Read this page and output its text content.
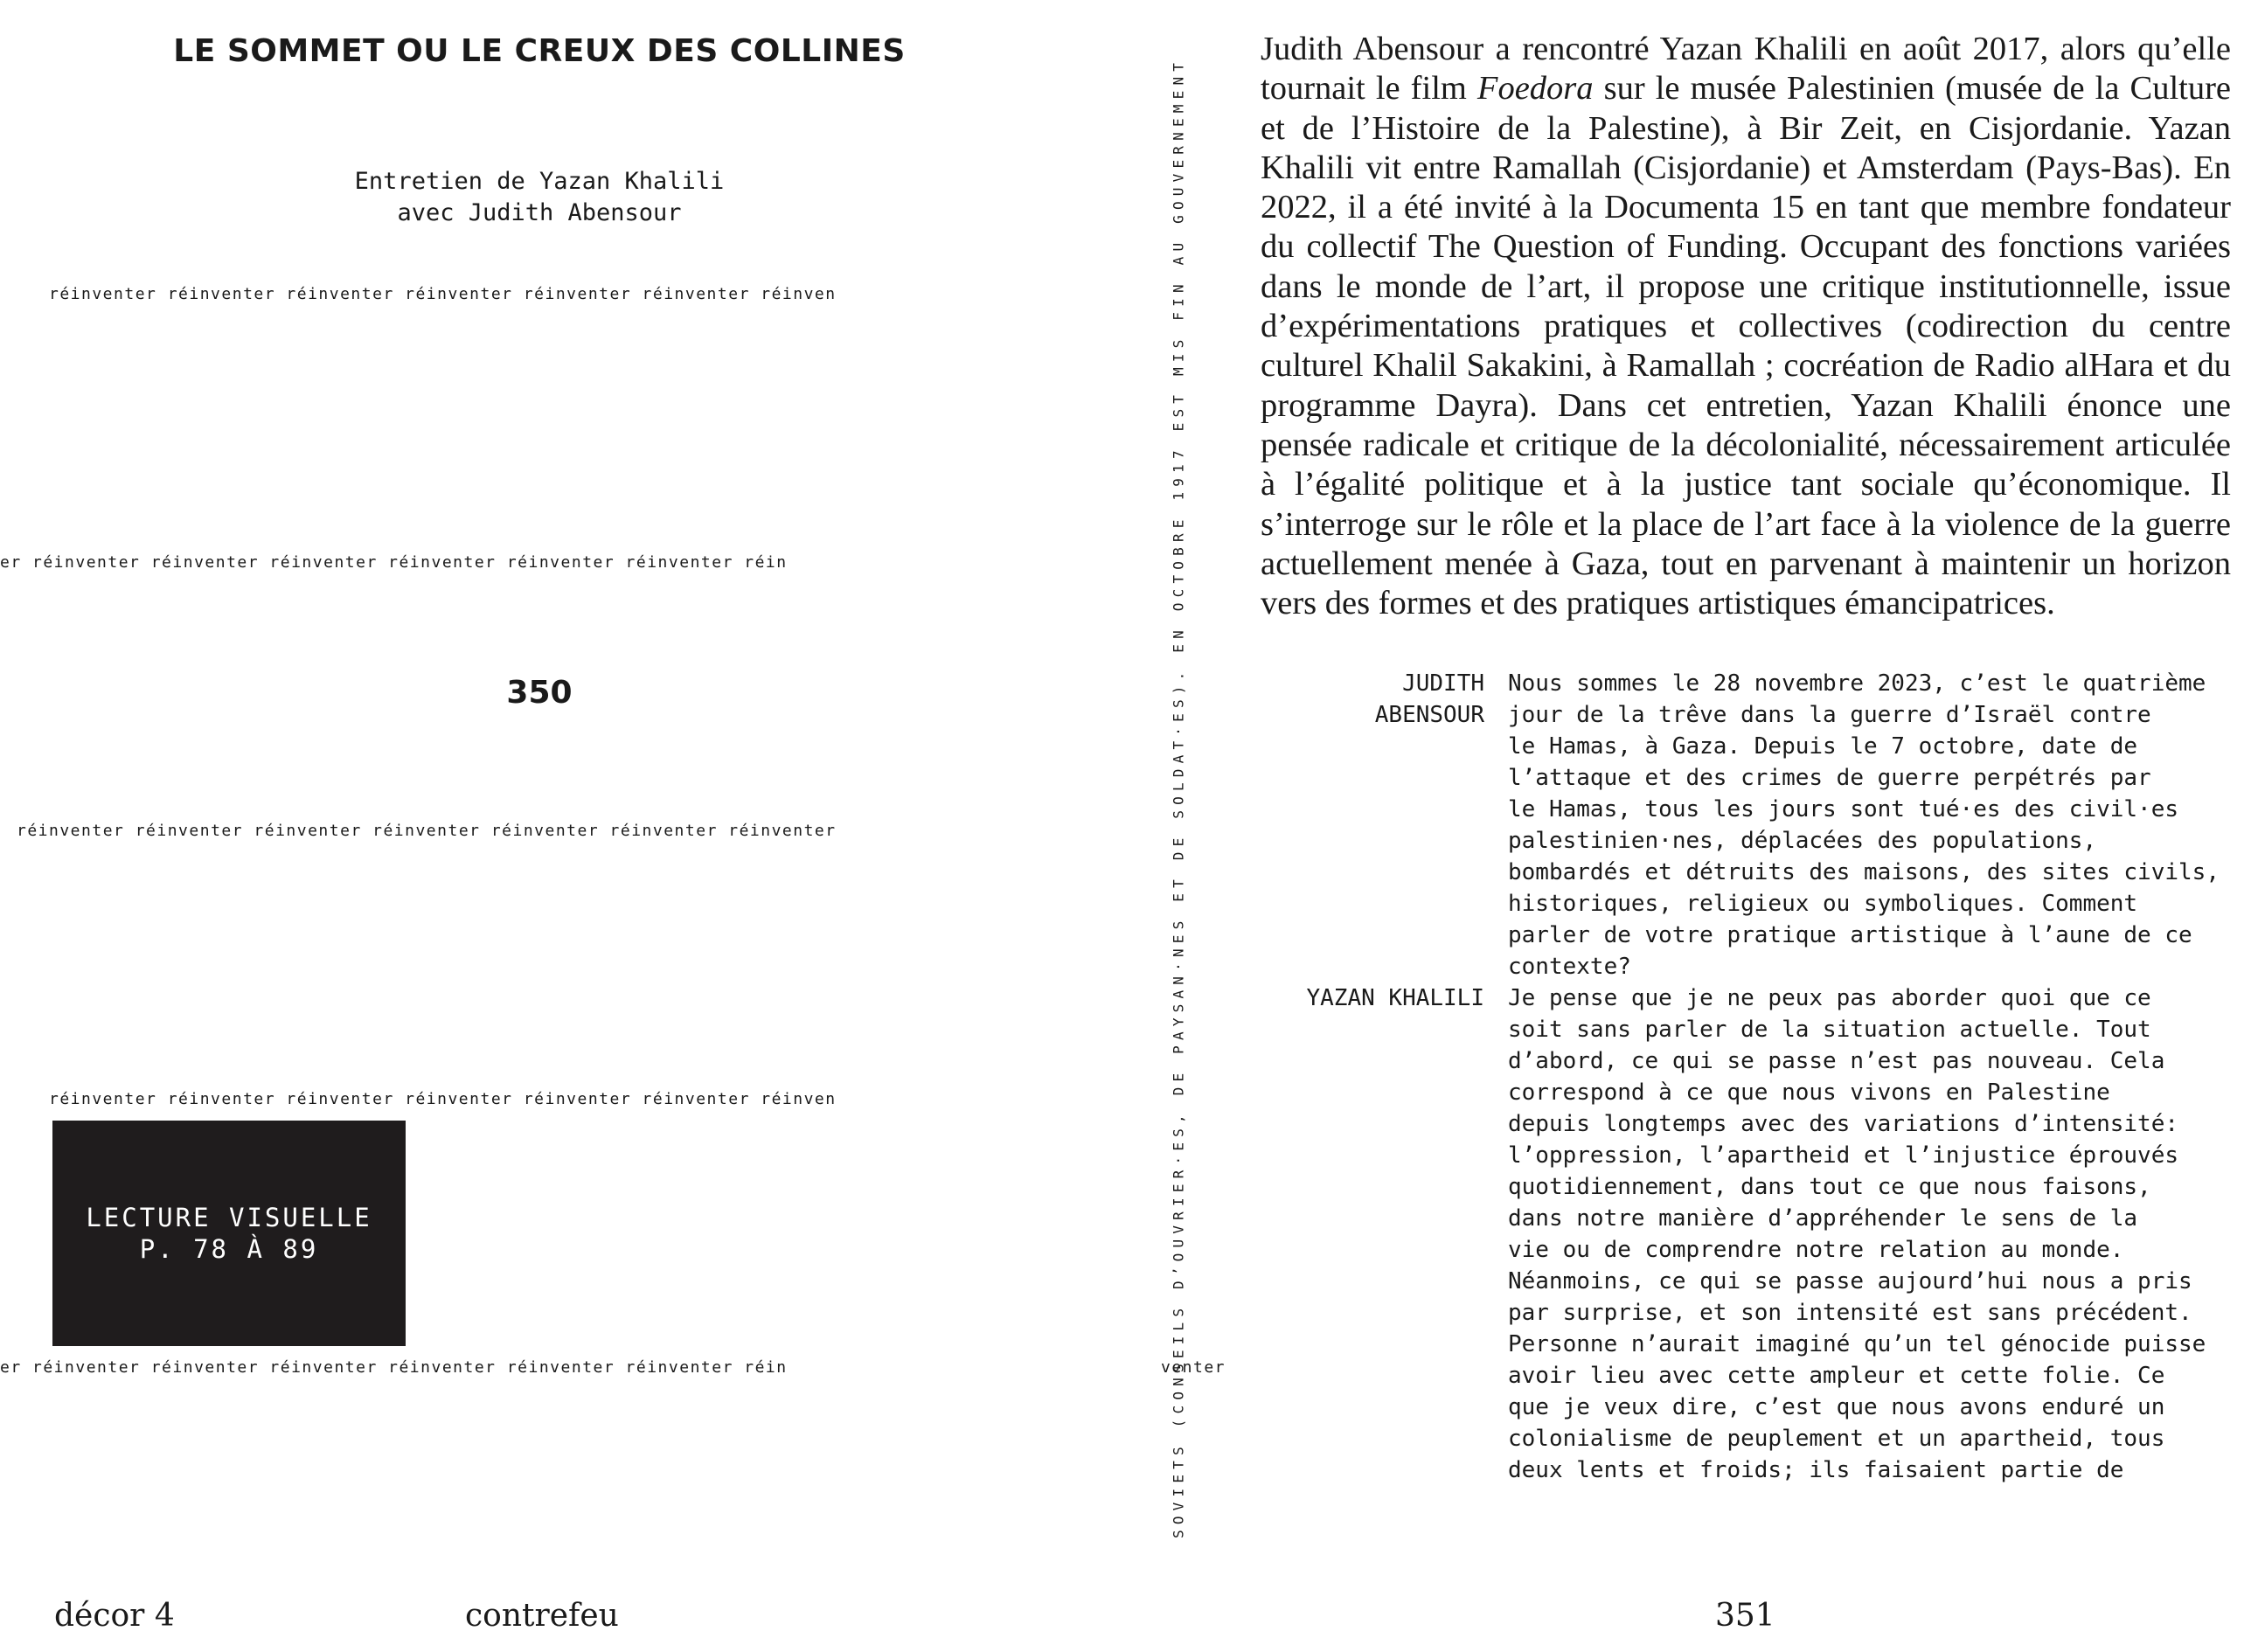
LE SOMMET OU LE CREUX DES COLLINES
Entretien de Yazan Khalili
avec Judith Abensour
réinventer réinventer réinventer réinventer réinventer réinventer réinven
er réinventer réinventer réinventer réinventer réinventer réinventer réin
350
réinventer réinventer réinventer réinventer réinventer réinventer réinventer
réinventer réinventer réinventer réinventer réinventer réinventer réinven
LECTURE VISUELLE
P. 78 À 89
er réinventer réinventer réinventer réinventer réinventer réinventer réin	venter
décor 4	contrefeu
SOVIETS (CONSEILS D’OUVRIER·ES, DE PAYSAN·NES ET DE SOLDAT·ES). EN OCTOBRE 1917 EST MIS FIN AU GOUVERNEMENT
Judith Abensour a rencontré Yazan Khalili en août 2017, alors qu’elle tournait le film Foedora sur le musée Palestinien (musée de la Culture et de l’Histoire de la Palestine), à Bir Zeit, en Cisjordanie. Yazan Khalili vit entre Ramallah (Cisjordanie) et Amsterdam (Pays-Bas). En 2022, il a été invité à la Documenta 15 en tant que membre fondateur du collectif The Question of Funding. Occupant des fonctions variées dans le monde de l’art, il propose une critique institutionnelle, issue d’expérimentations pratiques et collectives (codirection du centre culturel Khalil Sakakini, à Ramallah ; cocréation de Radio alHara et du programme Dayra). Dans cet entretien, Yazan Khalili énonce une pensée radicale et critique de la décolonialité, nécessairement articulée à l’égalité politique et à la justice tant sociale qu’économique. Il s’interroge sur le rôle et la place de l’art face à la violence de la guerre actuellement menée à Gaza, tout en parvenant à maintenir un horizon vers des formes et des pratiques artistiques émancipatrices.
JUDITH
ABENSOUR
Nous sommes le 28 novembre 2023, c’est le quatrième
jour de la trêve dans la guerre d’Israël contre
le Hamas, à Gaza. Depuis le 7 octobre, date de
l’attaque et des crimes de guerre perpétrés par
le Hamas, tous les jours sont tué·es des civil·es
palestinien·nes, déplacées des populations,
bombardés et détruits des maisons, des sites civils,
historiques, religieux ou symboliques. Comment
parler de votre pratique artistique à l’aune de ce
contexte?
YAZAN KHALILI Je pense que je ne peux pas aborder quoi que ce
soit sans parler de la situation actuelle. Tout
d’abord, ce qui se passe n’est pas nouveau. Cela
correspond à ce que nous vivons en Palestine
depuis longtemps avec des variations d’intensité:
l’oppression, l’apartheid et l’injustice éprouvés
quotidiennement, dans tout ce que nous faisons,
dans notre manière d’appréhender le sens de la
vie ou de comprendre notre relation au monde.
Néanmoins, ce qui se passe aujourd’hui nous a pris
par surprise, et son intensité est sans précédent.
Personne n’aurait imaginé qu’un tel génocide puisse
avoir lieu avec cette ampleur et cette folie. Ce
que je veux dire, c’est que nous avons enduré un
colonialisme de peuplement et un apartheid, tous
deux lents et froids; ils faisaient partie de
351
